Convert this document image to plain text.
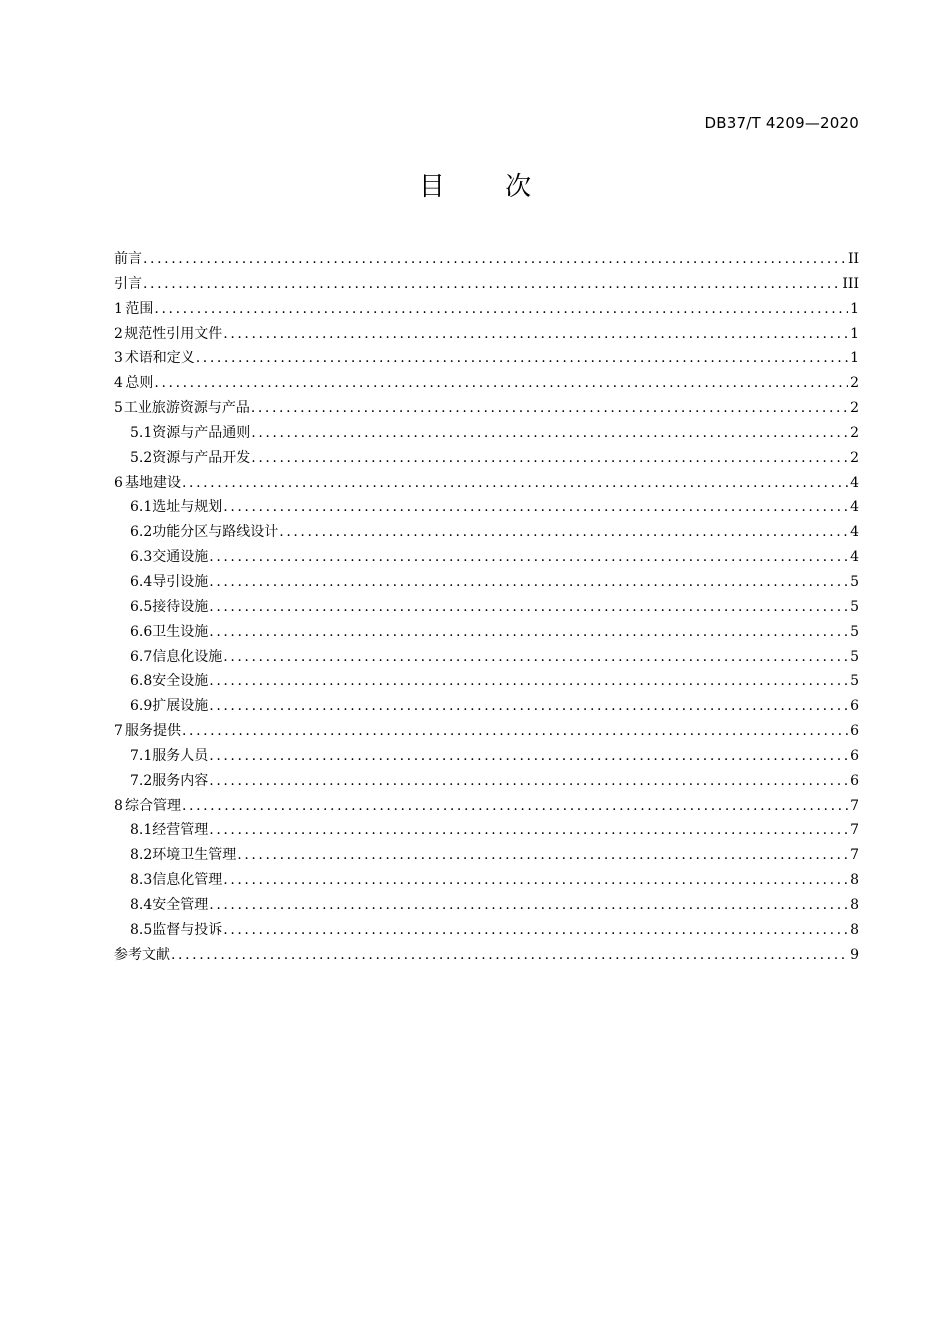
DB37/T 4209—2020
目 次
前言 .....	II
引言 .....	III
1 范围 .....	1
2 规范性引用文件 .....	1
3 术语和定义 .....	1
4 总则 .....	2
5 工业旅游资源与产品 .....	2
5.1 资源与产品通则 .....	2
5.2 资源与产品开发 .....	2
6 基地建设 .....	4
6.1 选址与规划 .....	4
6.2 功能分区与路线设计 .....	4
6.3 交通设施 .....	4
6.4 导引设施 .....	5
6.5 接待设施 .....	5
6.6 卫生设施 .....	5
6.7 信息化设施 .....	5
6.8 安全设施 .....	5
6.9 扩展设施 .....	6
7 服务提供 .....	6
7.1 服务人员 .....	6
7.2 服务内容 .....	6
8 综合管理 .....	7
8.1 经营管理 .....	7
8.2 环境卫生管理 .....	7
8.3 信息化管理 .....	8
8.4 安全管理 .....	8
8.5 监督与投诉 .....	8
参考文献 .....	9
